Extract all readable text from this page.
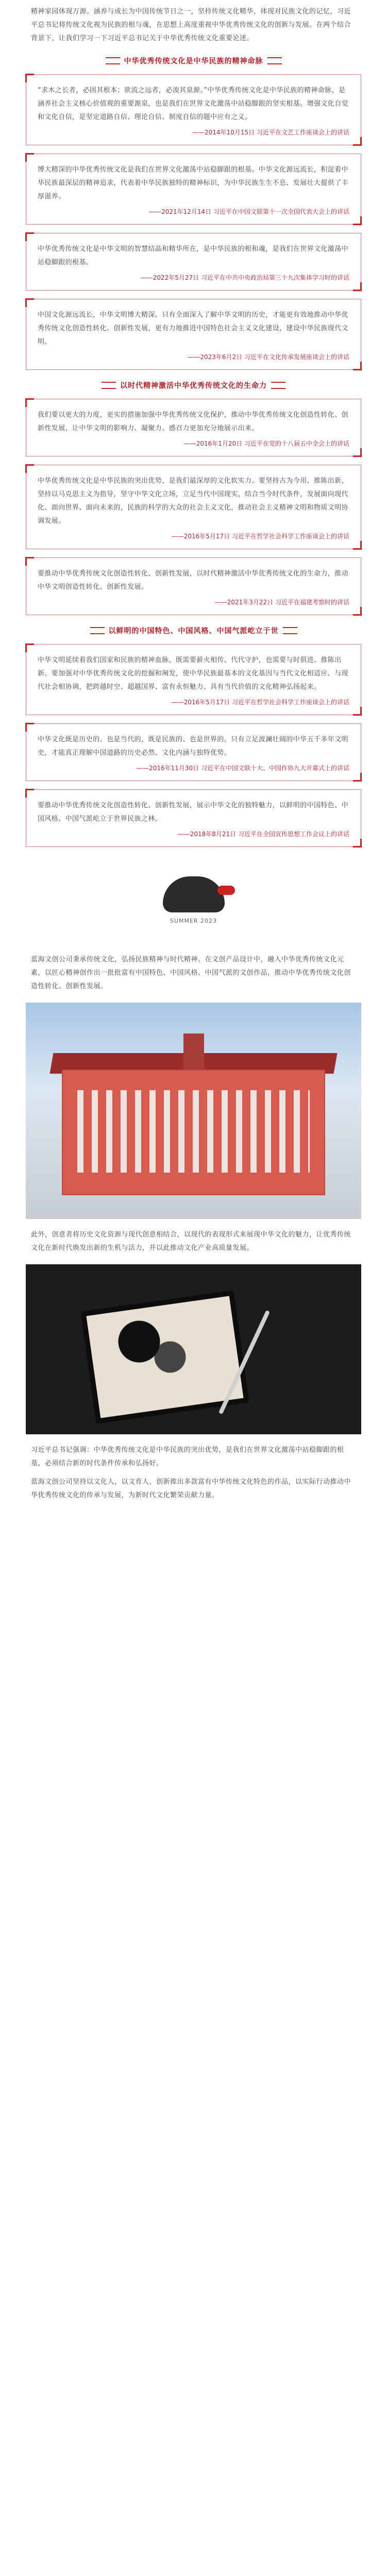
精神家园体现万源。涵养与成长为中国传统节日之一，坚持传统文化精华，体现对民族文化的记忆，习近平总书记将传统文化视为民族的根与魂，在思想上高度重视中华优秀传统文化的创新与发展。在两个结合背景下，让我们学习一下习近平总书记关于中华优秀传统文化重要论述。
中华优秀传统文化是中华民族的精神命脉
“求木之长者，必固其根本；欲流之远者，必浚其泉源。”中华优秀传统文化是中华民族的精神命脉，是涵养社会主义核心价值观的重要源泉，也是我们在世界文化激荡中站稳脚跟的坚实根基。增强文化自觉和文化自信，是坚定道路自信、理论自信、制度自信的题中应有之义。
——2014年10月15日 习近平在文艺工作座谈会上的讲话
博大精深的中华优秀传统文化是我们在世界文化激荡中站稳脚跟的根基。中华文化源远流长，积淀着中华民族最深层的精神追求，代表着中华民族独特的精神标识，为中华民族生生不息、发展壮大提供了丰厚滋养。
——2021年12月14日 习近平在中国文联第十一次全国代表大会上的讲话
中华优秀传统文化是中华文明的智慧结晶和精华所在，是中华民族的根和魂，是我们在世界文化激荡中站稳脚跟的根基。
——2022年5月27日 习近平在中共中央政治局第三十九次集体学习时的讲话
中国文化源远流长，中华文明博大精深。只有全面深入了解中华文明的历史，才能更有效地推动中华优秀传统文化创造性转化、创新性发展，更有力地推进中国特色社会主义文化建设，建设中华民族现代文明。
——2023年6月2日 习近平在文化传承发展座谈会上的讲话
以时代精神激活中华优秀传统文化的生命力
我们要以更大的力度，更实的措施加强中华优秀传统文化保护，推动中华优秀传统文化创造性转化、创新性发展，让中华文明的影响力、凝聚力、感召力更加充分地展示出来。
——2016年1月20日 习近平在党的十八届五中全会上的讲话
中华优秀传统文化是中华民族的突出优势，是我们最深厚的文化软实力。要坚持古为今用、推陈出新，坚持以马克思主义为指导，坚守中华文化立场，立足当代中国现实，结合当今时代条件，发展面向现代化、面向世界、面向未来的，民族的科学的大众的社会主义文化，推动社会主义精神文明和物质文明协调发展。
——2016年5月17日 习近平在哲学社会科学工作座谈会上的讲话
要推动中华优秀传统文化创造性转化、创新性发展，以时代精神激活中华优秀传统文化的生命力，推动中华文明创造性转化、创新性发展。
——2021年3月22日 习近平在福建考察时的讲话
以鲜明的中国特色、中国风格、中国气派屹立于世
中华文明延续着我们国家和民族的精神血脉，既需要薪火相传、代代守护，也需要与时俱进、推陈出新。要加强对中华优秀传统文化的挖掘和阐发，使中华民族最基本的文化基因与当代文化相适应、与现代社会相协调，把跨越时空、超越国界、富有永恒魅力、具有当代价值的文化精神弘扬起来。
——2016年5月17日 习近平在哲学社会科学工作座谈会上的讲话
中华文化既是历史的、也是当代的，既是民族的、也是世界的。只有立足波澜壮阔的中华五千多年文明史，才能真正理解中国道路的历史必然、文化内涵与独特优势。
——2016年11月30日 习近平在中国文联十大、中国作协九大开幕式上的讲话
要推动中华优秀传统文化创造性转化、创新性发展，展示中华文化的独特魅力，以鲜明的中国特色、中国风格、中国气派屹立于世界民族之林。
——2018年8月21日 习近平在全国宣传思想工作会议上的讲话
SUMMER 2023
蓝海文创公司秉承传统文化，弘扬民族精神与时代精神。在文创产品设计中，融入中华优秀传统文化元素，以匠心精神创作出一批批富有中国特色、中国风格、中国气派的文创作品，推动中华优秀传统文化创造性转化、创新性发展。
此外，创意者将历史文化资源与现代创意相结合，以现代的表现形式来展现中华文化的魅力，让优秀传统文化在新时代焕发出新的生机与活力，并以此推动文化产业高质量发展。
习近平总书记强调：中华优秀传统文化是中华民族的突出优势，是我们在世界文化激荡中站稳脚跟的根基，必须结合新的时代条件传承和弘扬好。
蓝海文创公司坚持以文化人，以文育人，创新推出多款富有中华传统文化特色的作品，以实际行动推动中华优秀传统文化的传承与发展，为新时代文化繁荣贡献力量。
